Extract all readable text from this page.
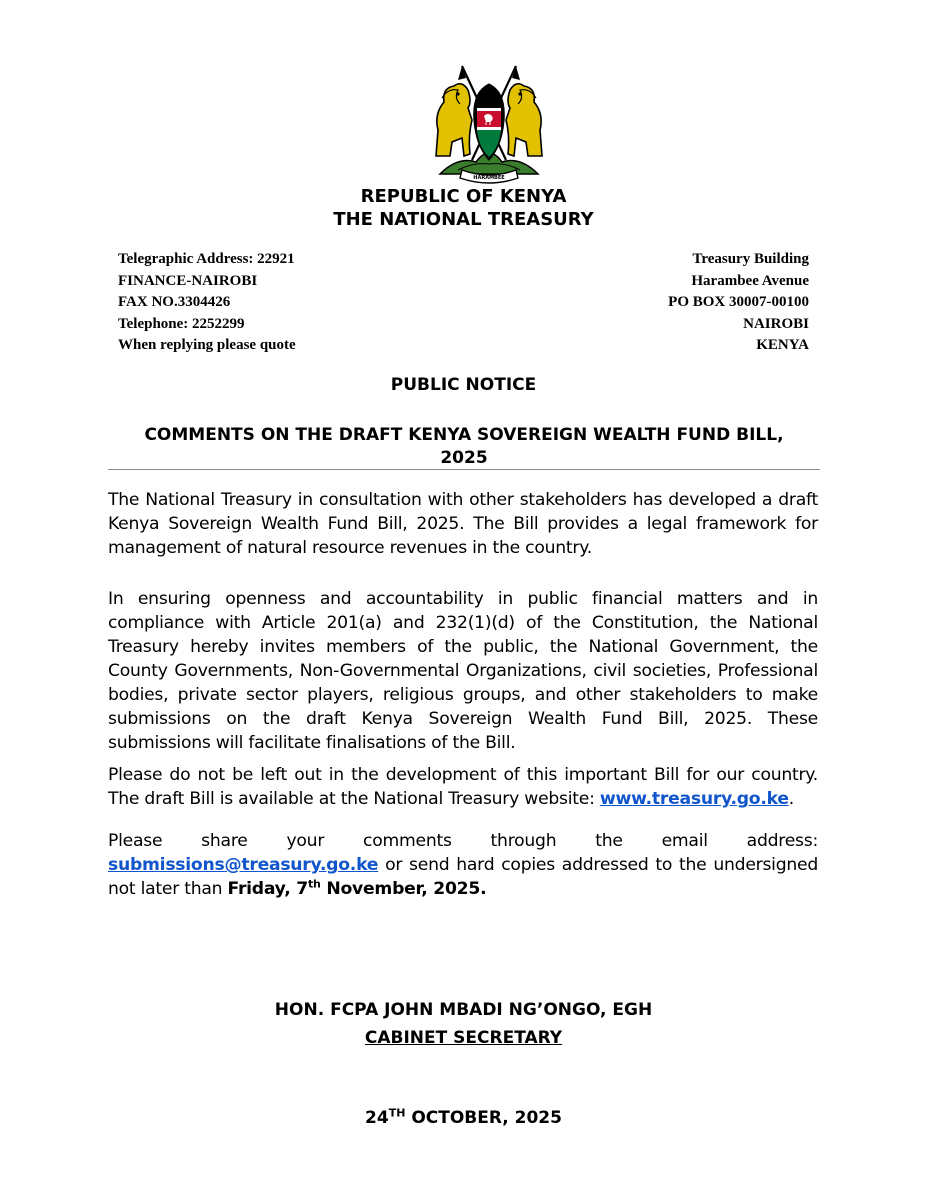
HARAMBEE
REPUBLIC OF KENYA
THE NATIONAL TREASURY
Telegraphic Address: 22921
FINANCE-NAIROBI
FAX NO.3304426
Telephone: 2252299
When replying please quote
Treasury Building
Harambee Avenue
PO BOX 30007-00100
NAIROBI
KENYA
PUBLIC NOTICE
COMMENTS ON THE DRAFT KENYA SOVEREIGN WEALTH FUND BILL,
2025

The National Treasury in consultation with other stakeholders has developed a draft Kenya Sovereign Wealth Fund Bill, 2025. The Bill provides a legal framework for management of natural resource revenues in the country.

In ensuring openness and accountability in public financial matters and in compliance with Article 201(a) and 232(1)(d) of the Constitution, the National Treasury hereby invites members of the public, the National Government, the County Governments, Non-Governmental Organizations, civil societies, Professional bodies, private sector players, religious groups, and other stakeholders to make submissions on the draft Kenya Sovereign Wealth Fund Bill, 2025. These submissions will facilitate finalisations of the Bill.

Please do not be left out in the development of this important Bill for our country. The draft Bill is available at the National Treasury website: www.treasury.go.ke.

Please share your comments through the email address: submissions@treasury.go.ke or send hard copies addressed to the undersigned not later than Friday, 7th November, 2025.

HON. FCPA JOHN MBADI NG’ONGO, EGH
CABINET SECRETARY
24TH OCTOBER, 2025
